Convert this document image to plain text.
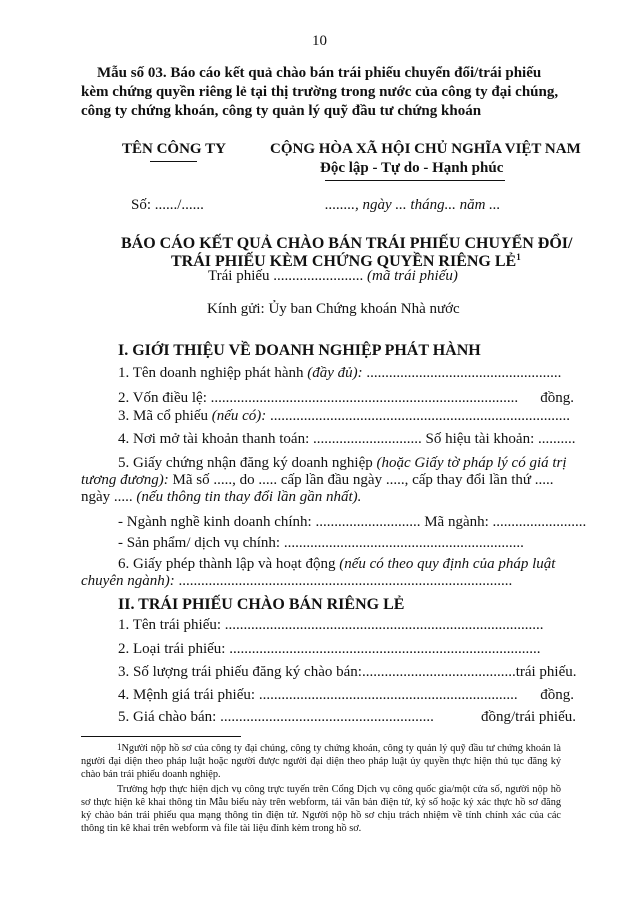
10
Mẫu số 03. Báo cáo kết quả chào bán trái phiếu chuyển đổi/trái phiếu
kèm chứng quyền riêng lẻ tại thị trường trong nước của công ty đại chúng,
công ty chứng khoán, công ty quản lý quỹ đầu tư chứng khoán
TÊN CÔNG TY	CỘNG HÒA XÃ HỘI CHỦ NGHĨA VIỆT NAM
Độc lập - Tự do - Hạnh phúc
Số: ....../......	........, ngày ... tháng... năm ...
BÁO CÁO KẾT QUẢ CHÀO BÁN TRÁI PHIẾU CHUYỂN ĐỔI/
TRÁI PHIẾU KÈM CHỨNG QUYỀN RIÊNG LẺ$^1$
Trái phiếu ........................ (mã trái phiếu)
Kính gửi: Ủy ban Chứng khoán Nhà nước
I. GIỚI THIỆU VỀ DOANH NGHIỆP PHÁT HÀNH
1. Tên doanh nghiệp phát hành (đầy đủ): ....................................................
2. Vốn điều lệ: .................................................................................. đồng.
3. Mã cổ phiếu (nếu có): ................................................................................
4. Nơi mở tài khoản thanh toán: ............................. Số hiệu tài khoản: ..........
5. Giấy chứng nhận đăng ký doanh nghiệp (hoặc Giấy tờ pháp lý có giá trị
tương đương): Mã số ....., do ..... cấp lần đầu ngày ....., cấp thay đổi lần thứ .....
ngày ..... (nếu thông tin thay đổi lần gần nhất).
- Ngành nghề kinh doanh chính: ............................ Mã ngành: .........................
- Sản phẩm/ dịch vụ chính: ................................................................
6. Giấy phép thành lập và hoạt động (nếu có theo quy định của pháp luật
chuyên ngành): .........................................................................................
II. TRÁI PHIẾU CHÀO BÁN RIÊNG LẺ
1. Tên trái phiếu: .....................................................................................
2. Loại trái phiếu: ...................................................................................
3. Số lượng trái phiếu đăng ký chào bán:......................................... trái phiếu.
4. Mệnh giá trái phiếu: ..................................................................... đồng.
5. Giá chào bán: .........................................................	đồng/trái phiếu.
$^1$Người nộp hồ sơ của công ty đại chúng, công ty chứng khoán, công ty quản lý quỹ đầu tư chứng khoán là người đại diện theo pháp luật hoặc người được người đại diện theo pháp luật ủy quyền thực hiện thủ tục đăng ký chào bán trái phiếu doanh nghiệp.
Trường hợp thực hiện dịch vụ công trực tuyến trên Cổng Dịch vụ công quốc gia/một cửa số, người nộp hồ sơ thực hiện kê khai thông tin Mẫu biểu này trên webform, tải văn bản điện tử, ký số hoặc ký xác thực hồ sơ đăng ký chào bán trái phiếu qua mạng thông tin điện tử. Người nộp hồ sơ chịu trách nhiệm về tính chính xác của các thông tin kê khai trên webform và file tài liệu đính kèm trong hồ sơ.
